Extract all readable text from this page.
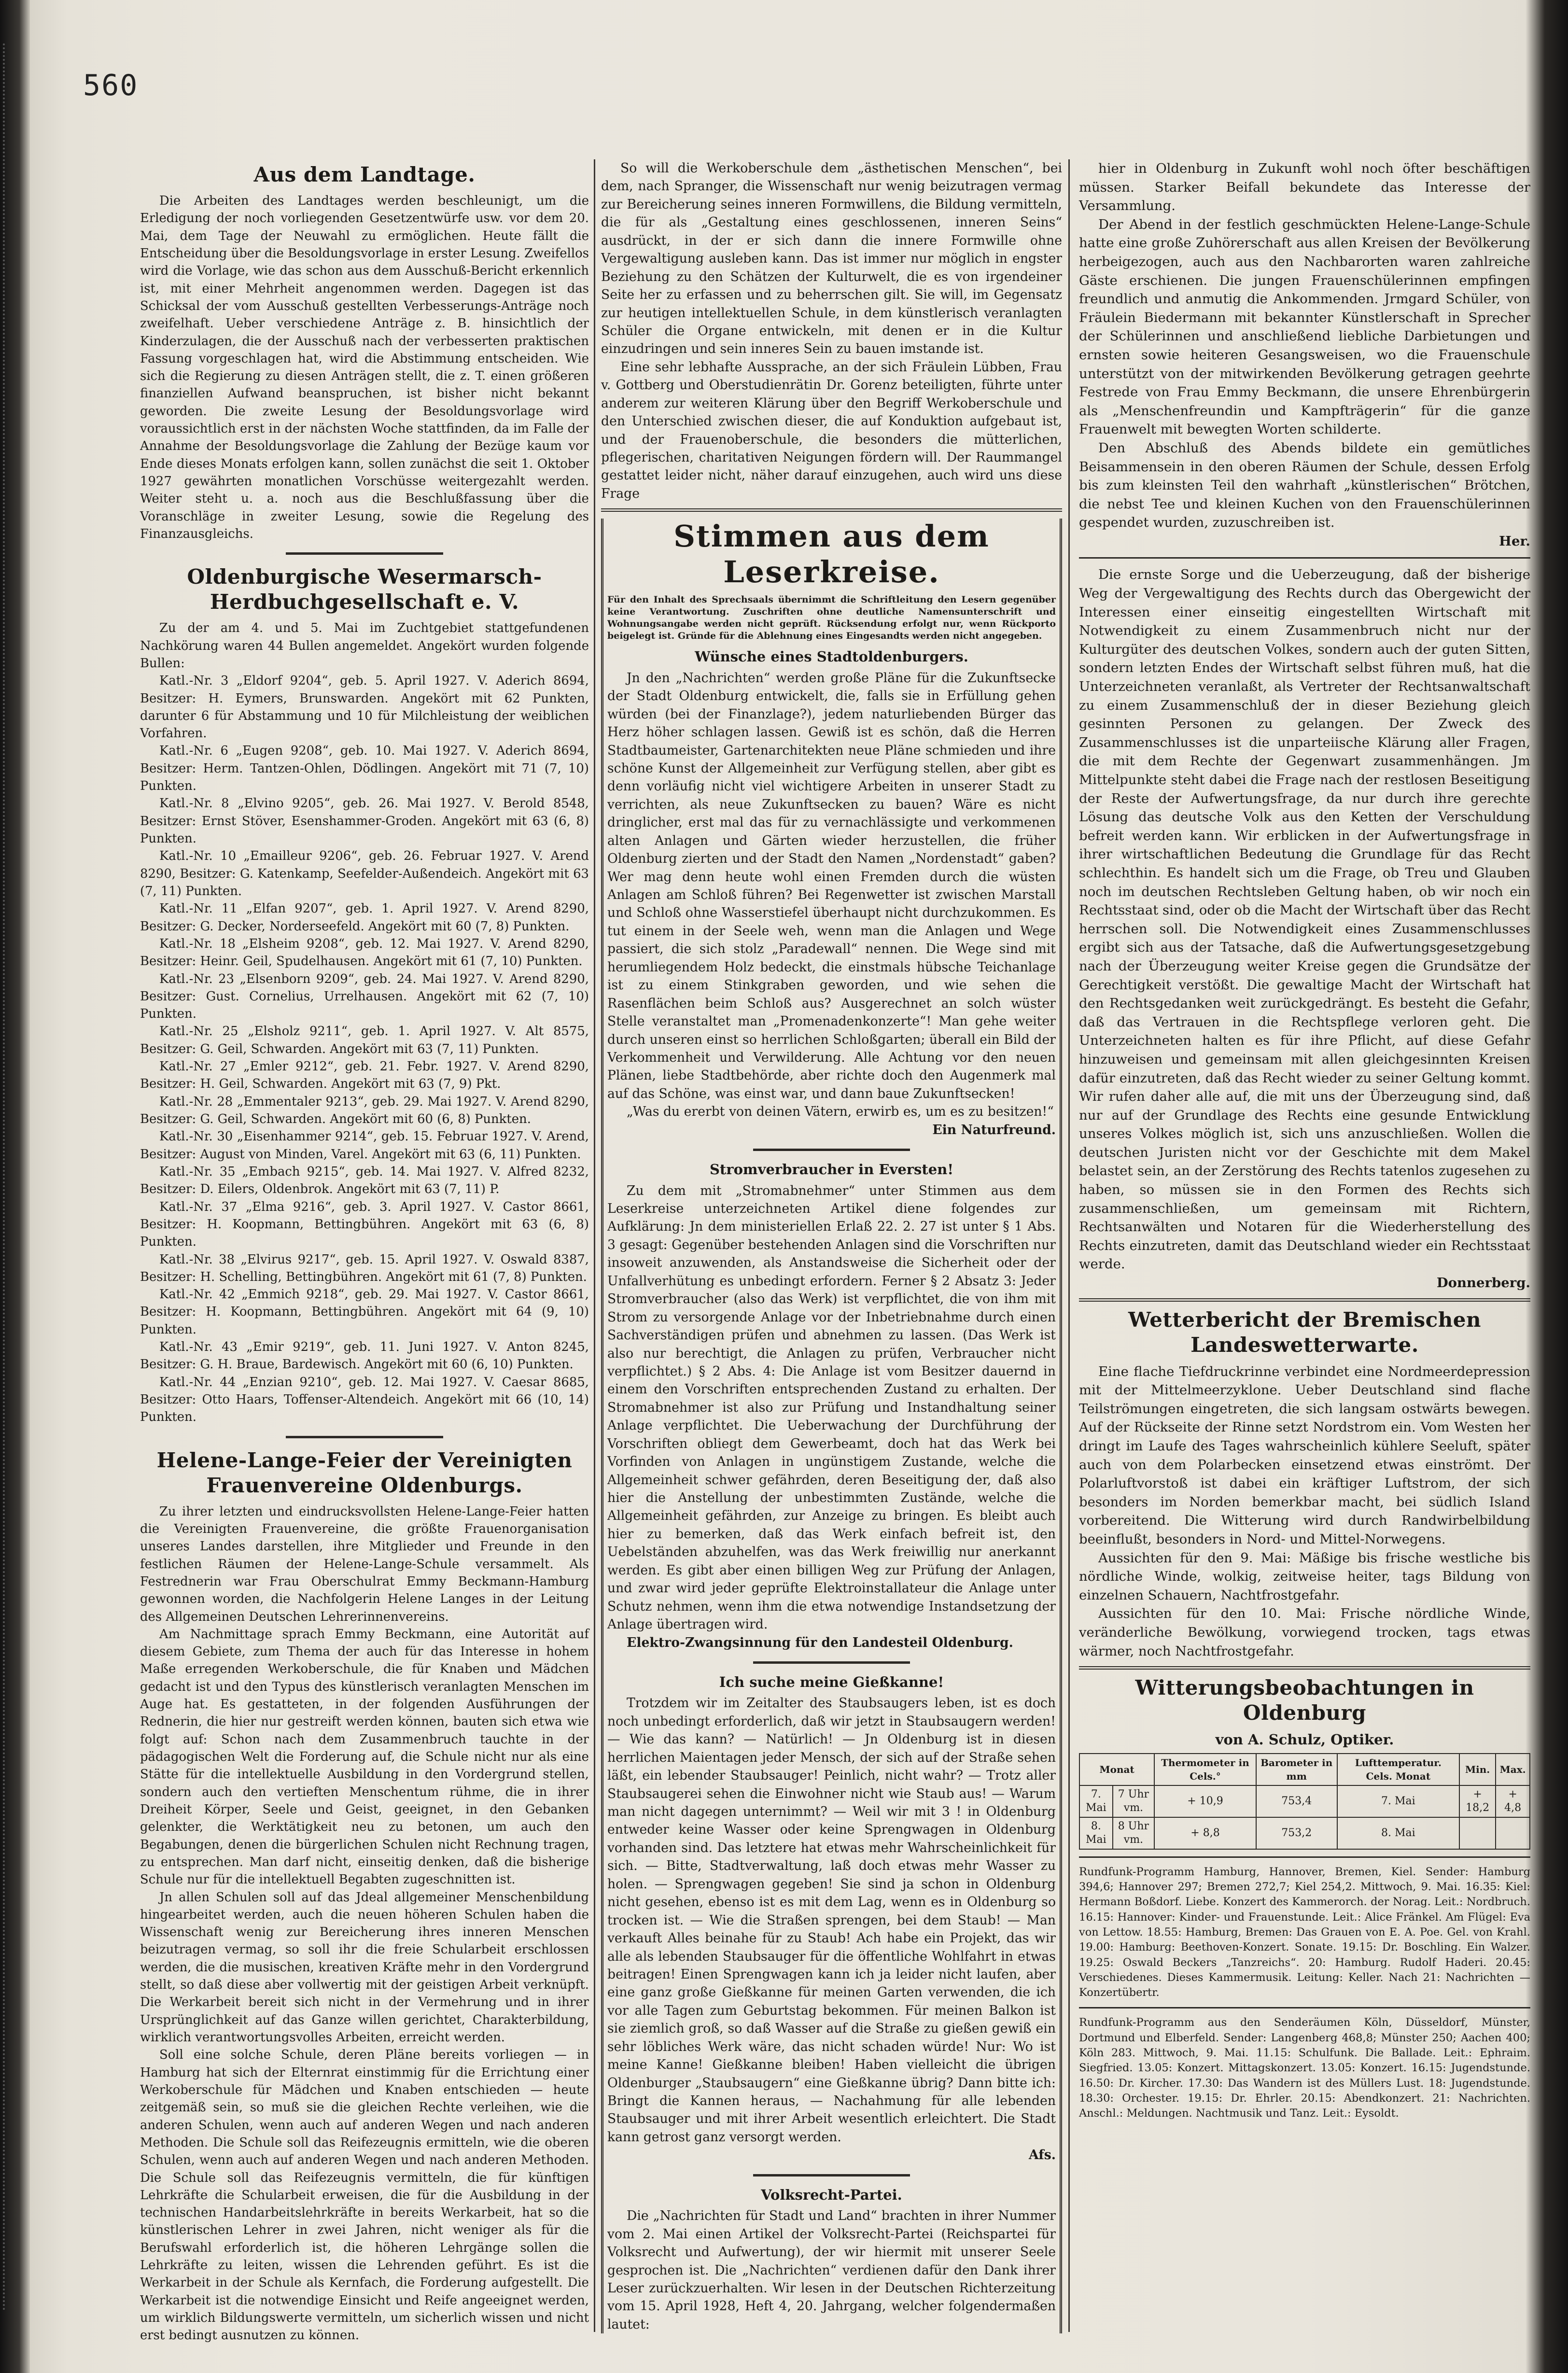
560
Aus dem Landtage.

Die Arbeiten des Landtages werden beschleunigt, um die Erledigung der noch vorliegenden Gesetzentwürfe usw. vor dem 20. Mai, dem Tage der Neuwahl zu ermöglichen. Heute fällt die Entscheidung über die Besoldungsvorlage in erster Lesung. Zweifellos wird die Vorlage, wie das schon aus dem Ausschuß-Bericht erkennlich ist, mit einer Mehrheit angenommen werden. Dagegen ist das Schicksal der vom Ausschuß gestellten Verbesserungs-Anträge noch zweifelhaft. Ueber verschiedene Anträge z. B. hinsichtlich der Kinderzulagen, die der Ausschuß nach der verbesserten praktischen Fassung vorgeschlagen hat, wird die Abstimmung entscheiden. Wie sich die Regierung zu diesen Anträgen stellt, die z. T. einen größeren finanziellen Aufwand beanspruchen, ist bisher nicht bekannt geworden. Die zweite Lesung der Besoldungsvorlage wird voraussichtlich erst in der nächsten Woche stattfinden, da im Falle der Annahme der Besoldungsvorlage die Zahlung der Bezüge kaum vor Ende dieses Monats erfolgen kann, sollen zunächst die seit 1. Oktober 1927 gewährten monatlichen Vorschüsse weitergezahlt werden. Weiter steht u. a. noch aus die Beschlußfassung über die Voranschläge in zweiter Lesung, sowie die Regelung des Finanzausgleichs.

Oldenburgische Wesermarsch-Herdbuchgesellschaft e. V.

Zu der am 4. und 5. Mai im Zuchtgebiet stattgefundenen Nachkörung waren 44 Bullen angemeldet. Angekört wurden folgende Bullen:

Katl.-Nr. 3 „Eldorf 9204“, geb. 5. April 1927. V. Aderich 8694, Besitzer: H. Eymers, Brunswarden. Angekört mit 62 Punkten, darunter 6 für Abstammung und 10 für Milchleistung der weiblichen Vorfahren.

Katl.-Nr. 6 „Eugen 9208“, geb. 10. Mai 1927. V. Aderich 8694, Besitzer: Herm. Tantzen-Ohlen, Dödlingen. Angekört mit 71 (7, 10) Punkten.

Katl.-Nr. 8 „Elvino 9205“, geb. 26. Mai 1927. V. Berold 8548, Besitzer: Ernst Stöver, Esenshammer-Groden. Angekört mit 63 (6, 8) Punkten.

Katl.-Nr. 10 „Emailleur 9206“, geb. 26. Februar 1927. V. Arend 8290, Besitzer: G. Katenkamp, Seefelder-Außendeich. Angekört mit 63 (7, 11) Punkten.

Katl.-Nr. 11 „Elfan 9207“, geb. 1. April 1927. V. Arend 8290, Besitzer: G. Decker, Norderseefeld. Angekört mit 60 (7, 8) Punkten.

Katl.-Nr. 18 „Elsheim 9208“, geb. 12. Mai 1927. V. Arend 8290, Besitzer: Heinr. Geil, Spudelhausen. Angekört mit 61 (7, 10) Punkten.

Katl.-Nr. 23 „Elsenborn 9209“, geb. 24. Mai 1927. V. Arend 8290, Besitzer: Gust. Cornelius, Urrelhausen. Angekört mit 62 (7, 10) Punkten.

Katl.-Nr. 25 „Elsholz 9211“, geb. 1. April 1927. V. Alt 8575, Besitzer: G. Geil, Schwarden. Angekört mit 63 (7, 11) Punkten.

Katl.-Nr. 27 „Emler 9212“, geb. 21. Febr. 1927. V. Arend 8290, Besitzer: H. Geil, Schwarden. Angekört mit 63 (7, 9) Pkt.

Katl.-Nr. 28 „Emmentaler 9213“, geb. 29. Mai 1927. V. Arend 8290, Besitzer: G. Geil, Schwarden. Angekört mit 60 (6, 8) Punkten.

Katl.-Nr. 30 „Eisenhammer 9214“, geb. 15. Februar 1927. V. Arend, Besitzer: August von Minden, Varel. Angekört mit 63 (6, 11) Punkten.

Katl.-Nr. 35 „Embach 9215“, geb. 14. Mai 1927. V. Alfred 8232, Besitzer: D. Eilers, Oldenbrok. Angekört mit 63 (7, 11) P.

Katl.-Nr. 37 „Elma 9216“, geb. 3. April 1927. V. Castor 8661, Besitzer: H. Koopmann, Bettingbühren. Angekört mit 63 (6, 8) Punkten.

Katl.-Nr. 38 „Elvirus 9217“, geb. 15. April 1927. V. Oswald 8387, Besitzer: H. Schelling, Bettingbühren. Angekört mit 61 (7, 8) Punkten.

Katl.-Nr. 42 „Emmich 9218“, geb. 29. Mai 1927. V. Castor 8661, Besitzer: H. Koopmann, Bettingbühren. Angekört mit 64 (9, 10) Punkten.

Katl.-Nr. 43 „Emir 9219“, geb. 11. Juni 1927. V. Anton 8245, Besitzer: G. H. Braue, Bardewisch. Angekört mit 60 (6, 10) Punkten.

Katl.-Nr. 44 „Enzian 9210“, geb. 12. Mai 1927. V. Caesar 8685, Besitzer: Otto Haars, Toffenser-Altendeich. Angekört mit 66 (10, 14) Punkten.

Helene-Lange-Feier der Vereinigten Frauenvereine Oldenburgs.

Zu ihrer letzten und eindrucksvollsten Helene-Lange-Feier hatten die Vereinigten Frauenvereine, die größte Frauenorganisation unseres Landes darstellen, ihre Mitglieder und Freunde in den festlichen Räumen der Helene-Lange-Schule versammelt. Als Festrednerin war Frau Oberschulrat Emmy Beckmann-Hamburg gewonnen worden, die Nachfolgerin Helene Langes in der Leitung des Allgemeinen Deutschen Lehrerinnenvereins.

Am Nachmittage sprach Emmy Beckmann, eine Autorität auf diesem Gebiete, zum Thema der auch für das Interesse in hohem Maße erregenden Werkoberschule, die für Knaben und Mädchen gedacht ist und den Typus des künstlerisch veranlagten Menschen im Auge hat. Es gestatteten, in der folgenden Ausführungen der Rednerin, die hier nur gestreift werden können, bauten sich etwa wie folgt auf: Schon nach dem Zusammenbruch tauchte in der pädagogischen Welt die Forderung auf, die Schule nicht nur als eine Stätte für die intellektuelle Ausbildung in den Vordergrund stellen, sondern auch den vertieften Menschentum rühme, die in ihrer Dreiheit Körper, Seele und Geist, geeignet, in den Gebanken gelenkter, die Werktätigkeit neu zu betonen, um auch den Begabungen, denen die bürgerlichen Schulen nicht Rechnung tragen, zu entsprechen. Man darf nicht, einseitig denken, daß die bisherige Schule nur für die intellektuell Begabten zugeschnitten ist.

Jn allen Schulen soll auf das Jdeal allgemeiner Menschenbildung hingearbeitet werden, auch die neuen höheren Schulen haben die Wissenschaft wenig zur Bereicherung ihres inneren Menschen beizutragen vermag, so soll ihr die freie Schularbeit erschlossen werden, die die musischen, kreativen Kräfte mehr in den Vordergrund stellt, so daß diese aber vollwertig mit der geistigen Arbeit verknüpft. Die Werkarbeit bereit sich nicht in der Vermehrung und in ihrer Ursprünglichkeit auf das Ganze willen gerichtet, Charakterbildung, wirklich verantwortungsvolles Arbeiten, erreicht werden.

Soll eine solche Schule, deren Pläne bereits vorliegen — in Hamburg hat sich der Elternrat einstimmig für die Errichtung einer Werkoberschule für Mädchen und Knaben entschieden — heute zeitgemäß sein, so muß sie die gleichen Rechte verleihen, wie die anderen Schulen, wenn auch auf anderen Wegen und nach anderen Methoden. Die Schule soll das Reifezeugnis ermitteln, wie die oberen Schulen, wenn auch auf anderen Wegen und nach anderen Methoden. Die Schule soll das Reifezeugnis vermitteln, die für künftigen Lehrkräfte die Schularbeit erweisen, die für die Ausbildung in der technischen Handarbeitslehrkräfte in bereits Werkarbeit, hat so die künstlerischen Lehrer in zwei Jahren, nicht weniger als für die Berufswahl erforderlich ist, die höheren Lehrgänge sollen die Lehrkräfte zu leiten, wissen die Lehrenden geführt. Es ist die Werkarbeit in der Schule als Kernfach, die Forderung aufgestellt. Die Werkarbeit ist die notwendige Einsicht und Reife angeeignet werden, um wirklich Bildungswerte vermitteln, um sicherlich wissen und nicht erst bedingt ausnutzen zu können.

So will die Werkoberschule dem „ästhetischen Menschen“, bei dem, nach Spranger, die Wissenschaft nur wenig beizutragen vermag zur Bereicherung seines inneren Formwillens, die Bildung vermitteln, die für als „Gestaltung eines geschlossenen, inneren Seins“ ausdrückt, in der er sich dann die innere Formwille ohne Vergewaltigung ausleben kann. Das ist immer nur möglich in engster Beziehung zu den Schätzen der Kulturwelt, die es von irgendeiner Seite her zu erfassen und zu beherrschen gilt. Sie will, im Gegensatz zur heutigen intellektuellen Schule, in dem künstlerisch veranlagten Schüler die Organe entwickeln, mit denen er in die Kultur einzudringen und sein inneres Sein zu bauen imstande ist.

Eine sehr lebhafte Aussprache, an der sich Fräulein Lübben, Frau v. Gottberg und Oberstudienrätin Dr. Gorenz beteiligten, führte unter anderem zur weiteren Klärung über den Begriff Werkoberschule und den Unterschied zwischen dieser, die auf Konduktion aufgebaut ist, und der Frauenoberschule, die besonders die mütterlichen, pflegerischen, charitativen Neigungen fördern will. Der Raummangel gestattet leider nicht, näher darauf einzugehen, auch wird uns diese Frage

Stimmen aus dem Leserkreise.
Für den Inhalt des Sprechsaals übernimmt die Schriftleitung den Lesern gegenüber keine Verantwortung. Zuschriften ohne deutliche Namensunterschrift und Wohnungsangabe werden nicht geprüft. Rücksendung erfolgt nur, wenn Rückporto beigelegt ist. Gründe für die Ablehnung eines Eingesandts werden nicht angegeben.
Wünsche eines Stadtoldenburgers.

Jn den „Nachrichten“ werden große Pläne für die Zukunftsecke der Stadt Oldenburg entwickelt, die, falls sie in Erfüllung gehen würden (bei der Finanzlage?), jedem naturliebenden Bürger das Herz höher schlagen lassen. Gewiß ist es schön, daß die Herren Stadtbaumeister, Gartenarchitekten neue Pläne schmieden und ihre schöne Kunst der Allgemeinheit zur Verfügung stellen, aber gibt es denn vorläufig nicht viel wichtigere Arbeiten in unserer Stadt zu verrichten, als neue Zukunftsecken zu bauen? Wäre es nicht dringlicher, erst mal das für zu vernachlässigte und verkommenen alten Anlagen und Gärten wieder herzustellen, die früher Oldenburg zierten und der Stadt den Namen „Nordenstadt“ gaben? Wer mag denn heute wohl einen Fremden durch die wüsten Anlagen am Schloß führen? Bei Regenwetter ist zwischen Marstall und Schloß ohne Wasserstiefel überhaupt nicht durchzukommen. Es tut einem in der Seele weh, wenn man die Anlagen und Wege passiert, die sich stolz „Paradewall“ nennen. Die Wege sind mit herumliegendem Holz bedeckt, die einstmals hübsche Teichanlage ist zu einem Stinkgraben geworden, und wie sehen die Rasenflächen beim Schloß aus? Ausgerechnet an solch wüster Stelle veranstaltet man „Promenadenkonzerte“! Man gehe weiter durch unseren einst so herrlichen Schloßgarten; überall ein Bild der Verkommenheit und Verwilderung. Alle Achtung vor den neuen Plänen, liebe Stadtbehörde, aber richte doch den Augenmerk mal auf das Schöne, was einst war, und dann baue Zukunftsecken!

„Was du ererbt von deinen Vätern, erwirb es, um es zu besitzen!“

Ein Naturfreund.
Stromverbraucher in Eversten!

Zu dem mit „Stromabnehmer“ unter Stimmen aus dem Leserkreise unterzeichneten Artikel diene folgendes zur Aufklärung: Jn dem ministeriellen Erlaß 22. 2. 27 ist unter § 1 Abs. 3 gesagt: Gegenüber bestehenden Anlagen sind die Vorschriften nur insoweit anzuwenden, als Anstandsweise die Sicherheit oder der Unfallverhütung es unbedingt erfordern. Ferner § 2 Absatz 3: Jeder Stromverbraucher (also das Werk) ist verpflichtet, die von ihm mit Strom zu versorgende Anlage vor der Inbetriebnahme durch einen Sachverständigen prüfen und abnehmen zu lassen. (Das Werk ist also nur berechtigt, die Anlagen zu prüfen, Verbraucher nicht verpflichtet.) § 2 Abs. 4: Die Anlage ist vom Besitzer dauernd in einem den Vorschriften entsprechenden Zustand zu erhalten. Der Stromabnehmer ist also zur Prüfung und Instandhaltung seiner Anlage verpflichtet. Die Ueberwachung der Durchführung der Vorschriften obliegt dem Gewerbeamt, doch hat das Werk bei Vorfinden von Anlagen in ungünstigem Zustande, welche die Allgemeinheit schwer gefährden, deren Beseitigung der, daß also hier die Anstellung der unbestimmten Zustände, welche die Allgemeinheit gefährden, zur Anzeige zu bringen. Es bleibt auch hier zu bemerken, daß das Werk einfach befreit ist, den Uebelständen abzuhelfen, was das Werk freiwillig nur anerkannt werden. Es gibt aber einen billigen Weg zur Prüfung der Anlagen, und zwar wird jeder geprüfte Elektroinstallateur die Anlage unter Schutz nehmen, wenn ihm die etwa notwendige Instandsetzung der Anlage übertragen wird.

Elektro-Zwangsinnung für den Landesteil Oldenburg.

Ich suche meine Gießkanne!

Trotzdem wir im Zeitalter des Staubsaugers leben, ist es doch noch unbedingt erforderlich, daß wir jetzt in Staubsaugern werden! — Wie das kann? — Natürlich! — Jn Oldenburg ist in diesen herrlichen Maientagen jeder Mensch, der sich auf der Straße sehen läßt, ein lebender Staubsauger! Peinlich, nicht wahr? — Trotz aller Staubsaugerei sehen die Einwohner nicht wie Staub aus! — Warum man nicht dagegen unternimmt? — Weil wir mit 3 ! in Oldenburg entweder keine Wasser oder keine Sprengwagen in Oldenburg vorhanden sind. Das letztere hat etwas mehr Wahrscheinlichkeit für sich. — Bitte, Stadtverwaltung, laß doch etwas mehr Wasser zu holen. — Sprengwagen gegeben! Sie sind ja schon in Oldenburg nicht gesehen, ebenso ist es mit dem Lag, wenn es in Oldenburg so trocken ist. — Wie die Straßen sprengen, bei dem Staub! — Man verkauft Alles beinahe für zu Staub! Ach habe ein Projekt, das wir alle als lebenden Staubsauger für die öffentliche Wohlfahrt in etwas beitragen! Einen Sprengwagen kann ich ja leider nicht laufen, aber eine ganz große Gießkanne für meinen Garten verwenden, die ich vor alle Tagen zum Geburtstag bekommen. Für meinen Balkon ist sie ziemlich groß, so daß Wasser auf die Straße zu gießen gewiß ein sehr löbliches Werk wäre, das nicht schaden würde! Nur: Wo ist meine Kanne! Gießkanne bleiben! Haben vielleicht die übrigen Oldenburger „Staubsaugern“ eine Gießkanne übrig? Dann bitte ich: Bringt die Kannen heraus, — Nachahmung für alle lebenden Staubsauger und mit ihrer Arbeit wesentlich erleichtert. Die Stadt kann getrost ganz versorgt werden.

Afs.
Volksrecht-Partei.

Die „Nachrichten für Stadt und Land“ brachten in ihrer Nummer vom 2. Mai einen Artikel der Volksrecht-Partei (Reichspartei für Volksrecht und Aufwertung), der wir hiermit mit unserer Seele gesprochen ist. Die „Nachrichten“ verdienen dafür den Dank ihrer Leser zurückzuerhalten. Wir lesen in der Deutschen Richterzeitung vom 15. April 1928, Heft 4, 20. Jahrgang, welcher folgendermaßen lautet:

hier in Oldenburg in Zukunft wohl noch öfter beschäftigen müssen. Starker Beifall bekundete das Interesse der Versammlung.

Der Abend in der festlich geschmückten Helene-Lange-Schule hatte eine große Zuhörerschaft aus allen Kreisen der Bevölkerung herbeigezogen, auch aus den Nachbarorten waren zahlreiche Gäste erschienen. Die jungen Frauenschülerinnen empfingen freundlich und anmutig die Ankommenden. Jrmgard Schüler, von Fräulein Biedermann mit bekannter Künstlerschaft in Sprecher der Schülerinnen und anschließend liebliche Darbietungen und ernsten sowie heiteren Gesangsweisen, wo die Frauenschule unterstützt von der mitwirkenden Bevölkerung getragen geehrte Festrede von Frau Emmy Beckmann, die unsere Ehrenbürgerin als „Menschenfreundin und Kampfträgerin“ für die ganze Frauenwelt mit bewegten Worten schilderte.

Den Abschluß des Abends bildete ein gemütliches Beisammensein in den oberen Räumen der Schule, dessen Erfolg bis zum kleinsten Teil den wahrhaft „künstlerischen“ Brötchen, die nebst Tee und kleinen Kuchen von den Frauenschülerinnen gespendet wurden, zuzuschreiben ist.

Her.

Die ernste Sorge und die Ueberzeugung, daß der bisherige Weg der Vergewaltigung des Rechts durch das Obergewicht der Interessen einer einseitig eingestellten Wirtschaft mit Notwendigkeit zu einem Zusammenbruch nicht nur der Kulturgüter des deutschen Volkes, sondern auch der guten Sitten, sondern letzten Endes der Wirtschaft selbst führen muß, hat die Unterzeichneten veranlaßt, als Vertreter der Rechtsanwaltschaft zu einem Zusammenschluß der in dieser Beziehung gleich gesinnten Personen zu gelangen. Der Zweck des Zusammenschlusses ist die unparteiische Klärung aller Fragen, die mit dem Rechte der Gegenwart zusammenhängen. Jm Mittelpunkte steht dabei die Frage nach der restlosen Beseitigung der Reste der Aufwertungsfrage, da nur durch ihre gerechte Lösung das deutsche Volk aus den Ketten der Verschuldung befreit werden kann. Wir erblicken in der Aufwertungsfrage in ihrer wirtschaftlichen Bedeutung die Grundlage für das Recht schlechthin. Es handelt sich um die Frage, ob Treu und Glauben noch im deutschen Rechtsleben Geltung haben, ob wir noch ein Rechtsstaat sind, oder ob die Macht der Wirtschaft über das Recht herrschen soll. Die Notwendigkeit eines Zusammenschlusses ergibt sich aus der Tatsache, daß die Aufwertungsgesetzgebung nach der Überzeugung weiter Kreise gegen die Grundsätze der Gerechtigkeit verstößt. Die gewaltige Macht der Wirtschaft hat den Rechtsgedanken weit zurückgedrängt. Es besteht die Gefahr, daß das Vertrauen in die Rechtspflege verloren geht. Die Unterzeichneten halten es für ihre Pflicht, auf diese Gefahr hinzuweisen und gemeinsam mit allen gleichgesinnten Kreisen dafür einzutreten, daß das Recht wieder zu seiner Geltung kommt. Wir rufen daher alle auf, die mit uns der Überzeugung sind, daß nur auf der Grundlage des Rechts eine gesunde Entwicklung unseres Volkes möglich ist, sich uns anzuschließen. Wollen die deutschen Juristen nicht vor der Geschichte mit dem Makel belastet sein, an der Zerstörung des Rechts tatenlos zugesehen zu haben, so müssen sie in den Formen des Rechts sich zusammenschließen, um gemeinsam mit Richtern, Rechtsanwälten und Notaren für die Wiederherstellung des Rechts einzutreten, damit das Deutschland wieder ein Rechtsstaat werde.

Donnerberg.
Wetterbericht der Bremischen Landeswetterwarte.

Eine flache Tiefdruckrinne verbindet eine Nordmeerdepression mit der Mittelmeerzyklone. Ueber Deutschland sind flache Teilströmungen eingetreten, die sich langsam ostwärts bewegen. Auf der Rückseite der Rinne setzt Nordstrom ein. Vom Westen her dringt im Laufe des Tages wahrscheinlich kühlere Seeluft, später auch von dem Polarbecken einsetzend etwas einströmt. Der Polarluftvorstoß ist dabei ein kräftiger Luftstrom, der sich besonders im Norden bemerkbar macht, bei südlich Island vorbereitend. Die Witterung wird durch Randwirbelbildung beeinflußt, besonders in Nord- und Mittel-Norwegens.

Aussichten für den 9. Mai: Mäßige bis frische westliche bis nördliche Winde, wolkig, zeitweise heiter, tags Bildung von einzelnen Schauern, Nachtfrostgefahr.

Aussichten für den 10. Mai: Frische nördliche Winde, veränderliche Bewölkung, vorwiegend trocken, tags etwas wärmer, noch Nachtfrostgefahr.

Witterungsbeobachtungen in Oldenburg
von A. Schulz, Optiker.
Monat		Thermometer in Cels.°	Barometer in mm	Lufttemperatur. Cels. Monat	Min.	Max.
7. Mai	7 Uhr vm.	+ 10,9	753,4	7. Mai	+ 18,2	+ 4,8
8. Mai	8 Uhr vm.	+ 8,8	753,2	8. Mai		

Rundfunk-Programm Hamburg, Hannover, Bremen, Kiel. Sender: Hamburg 394,6; Hannover 297; Bremen 272,7; Kiel 254,2. Mittwoch, 9. Mai. 16.35: Kiel: Hermann Boßdorf. Liebe. Konzert des Kammerorch. der Norag. Leit.: Nordbruch. 16.15: Hannover: Kinder- und Frauenstunde. Leit.: Alice Fränkel. Am Flügel: Eva von Lettow. 18.55: Hamburg, Bremen: Das Grauen von E. A. Poe. Gel. von Krahl. 19.00: Hamburg: Beethoven-Konzert. Sonate. 19.15: Dr. Boschling. Ein Walzer. 19.25: Oswald Beckers „Tanzreichs“. 20: Hamburg. Rudolf Haderi. 20.45: Verschiedenes. Dieses Kammermusik. Leitung: Keller. Nach 21: Nachrichten — Konzertübertr.

Rundfunk-Programm aus den Senderäumen Köln, Düsseldorf, Münster, Dortmund und Elberfeld. Sender: Langenberg 468,8; Münster 250; Aachen 400; Köln 283. Mittwoch, 9. Mai. 11.15: Schulfunk. Die Ballade. Leit.: Ephraim. Siegfried. 13.05: Konzert. Mittagskonzert. 13.05: Konzert. 16.15: Jugendstunde. 16.50: Dr. Kircher. 17.30: Das Wandern ist des Müllers Lust. 18: Jugendstunde. 18.30: Orchester. 19.15: Dr. Ehrler. 20.15: Abendkonzert. 21: Nachrichten. Anschl.: Meldungen. Nachtmusik und Tanz. Leit.: Eysoldt.
